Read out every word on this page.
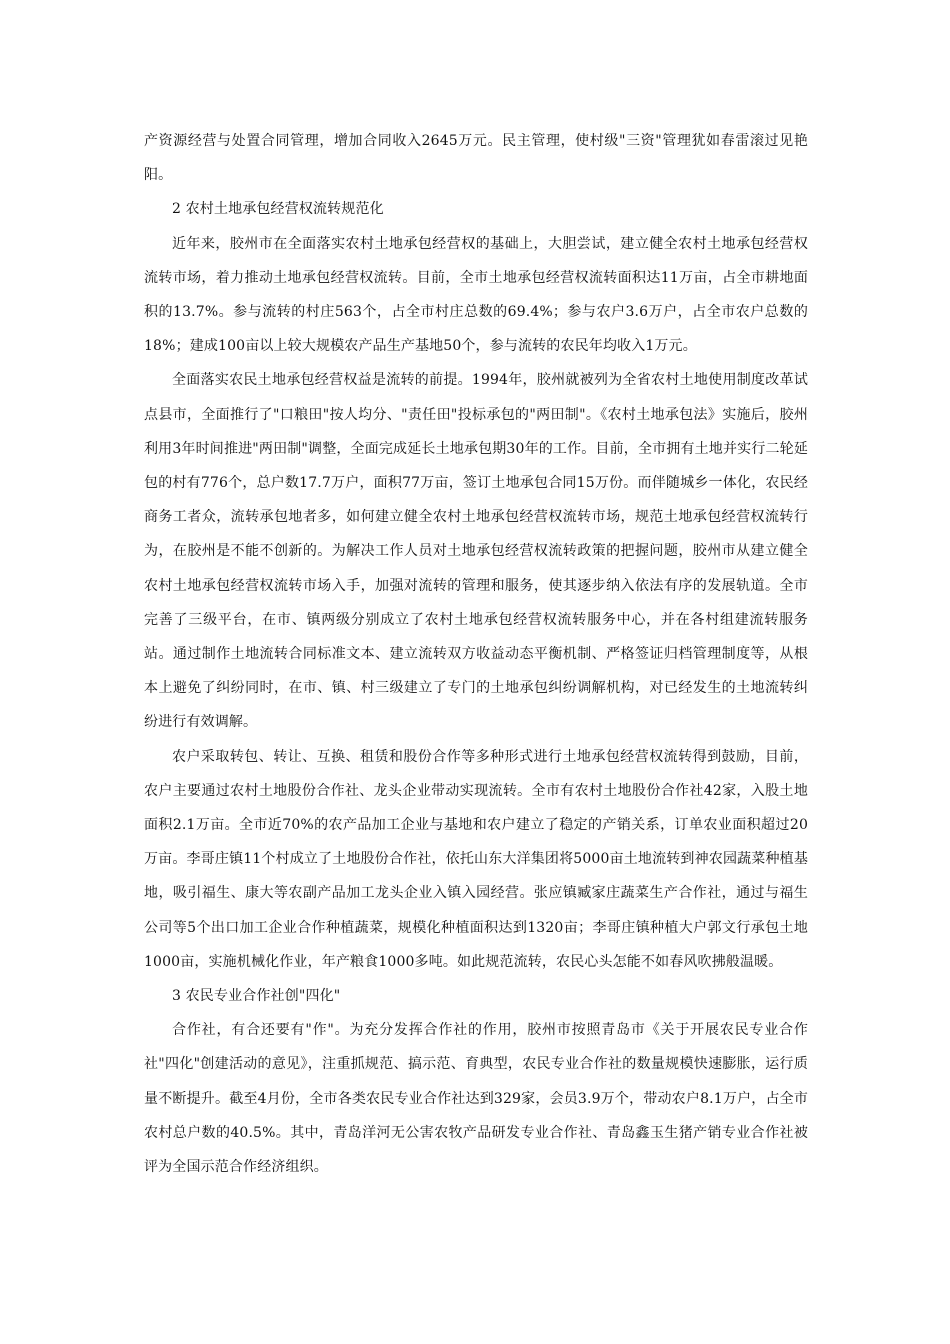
产资源经营与处置合同管理，增加合同收入2645万元。民主管理，使村级"三资"管理犹如春雷滚过见艳阳。

2 农村土地承包经营权流转规范化

近年来，胶州市在全面落实农村土地承包经营权的基础上，大胆尝试，建立健全农村土地承包经营权流转市场，着力推动土地承包经营权流转。目前，全市土地承包经营权流转面积达11万亩，占全市耕地面积的13.7%。参与流转的村庄563个，占全市村庄总数的69.4%；参与农户3.6万户，占全市农户总数的18%；建成100亩以上较大规模农产品生产基地50个，参与流转的农民年均收入1万元。

全面落实农民土地承包经营权益是流转的前提。1994年，胶州就被列为全省农村土地使用制度改革试点县市，全面推行了"口粮田"按人均分、"责任田"投标承包的"两田制"。《农村土地承包法》实施后，胶州利用3年时间推进"两田制"调整，全面完成延长土地承包期30年的工作。目前，全市拥有土地并实行二轮延包的村有776个，总户数17.7万户，面积77万亩，签订土地承包合同15万份。而伴随城乡一体化，农民经商务工者众，流转承包地者多，如何建立健全农村土地承包经营权流转市场，规范土地承包经营权流转行为，在胶州是不能不创新的。为解决工作人员对土地承包经营权流转政策的把握问题，胶州市从建立健全农村土地承包经营权流转市场入手，加强对流转的管理和服务，使其逐步纳入依法有序的发展轨道。全市完善了三级平台，在市、镇两级分别成立了农村土地承包经营权流转服务中心，并在各村组建流转服务站。通过制作土地流转合同标准文本、建立流转双方收益动态平衡机制、严格签证归档管理制度等，从根本上避免了纠纷同时，在市、镇、村三级建立了专门的土地承包纠纷调解机构，对已经发生的土地流转纠纷进行有效调解。

农户采取转包、转让、互换、租赁和股份合作等多种形式进行土地承包经营权流转得到鼓励，目前，农户主要通过农村土地股份合作社、龙头企业带动实现流转。全市有农村土地股份合作社42家，入股土地面积2.1万亩。全市近70%的农产品加工企业与基地和农户建立了稳定的产销关系，订单农业面积超过20万亩。李哥庄镇11个村成立了土地股份合作社，依托山东大洋集团将5000亩土地流转到神农园蔬菜种植基地，吸引福生、康大等农副产品加工龙头企业入镇入园经营。张应镇臧家庄蔬菜生产合作社，通过与福生公司等5个出口加工企业合作种植蔬菜，规模化种植面积达到1320亩；李哥庄镇种植大户郭文行承包土地1000亩，实施机械化作业，年产粮食1000多吨。如此规范流转，农民心头怎能不如春风吹拂般温暖。

3 农民专业合作社创"四化"

合作社，有合还要有"作"。为充分发挥合作社的作用，胶州市按照青岛市《关于开展农民专业合作社"四化"创建活动的意见》，注重抓规范、搞示范、育典型，农民专业合作社的数量规模快速膨胀，运行质量不断提升。截至4月份，全市各类农民专业合作社达到329家，会员3.9万个，带动农户8.1万户，占全市农村总户数的40.5%。其中，青岛洋河无公害农牧产品研发专业合作社、青岛鑫玉生猪产销专业合作社被评为全国示范合作经济组织。
